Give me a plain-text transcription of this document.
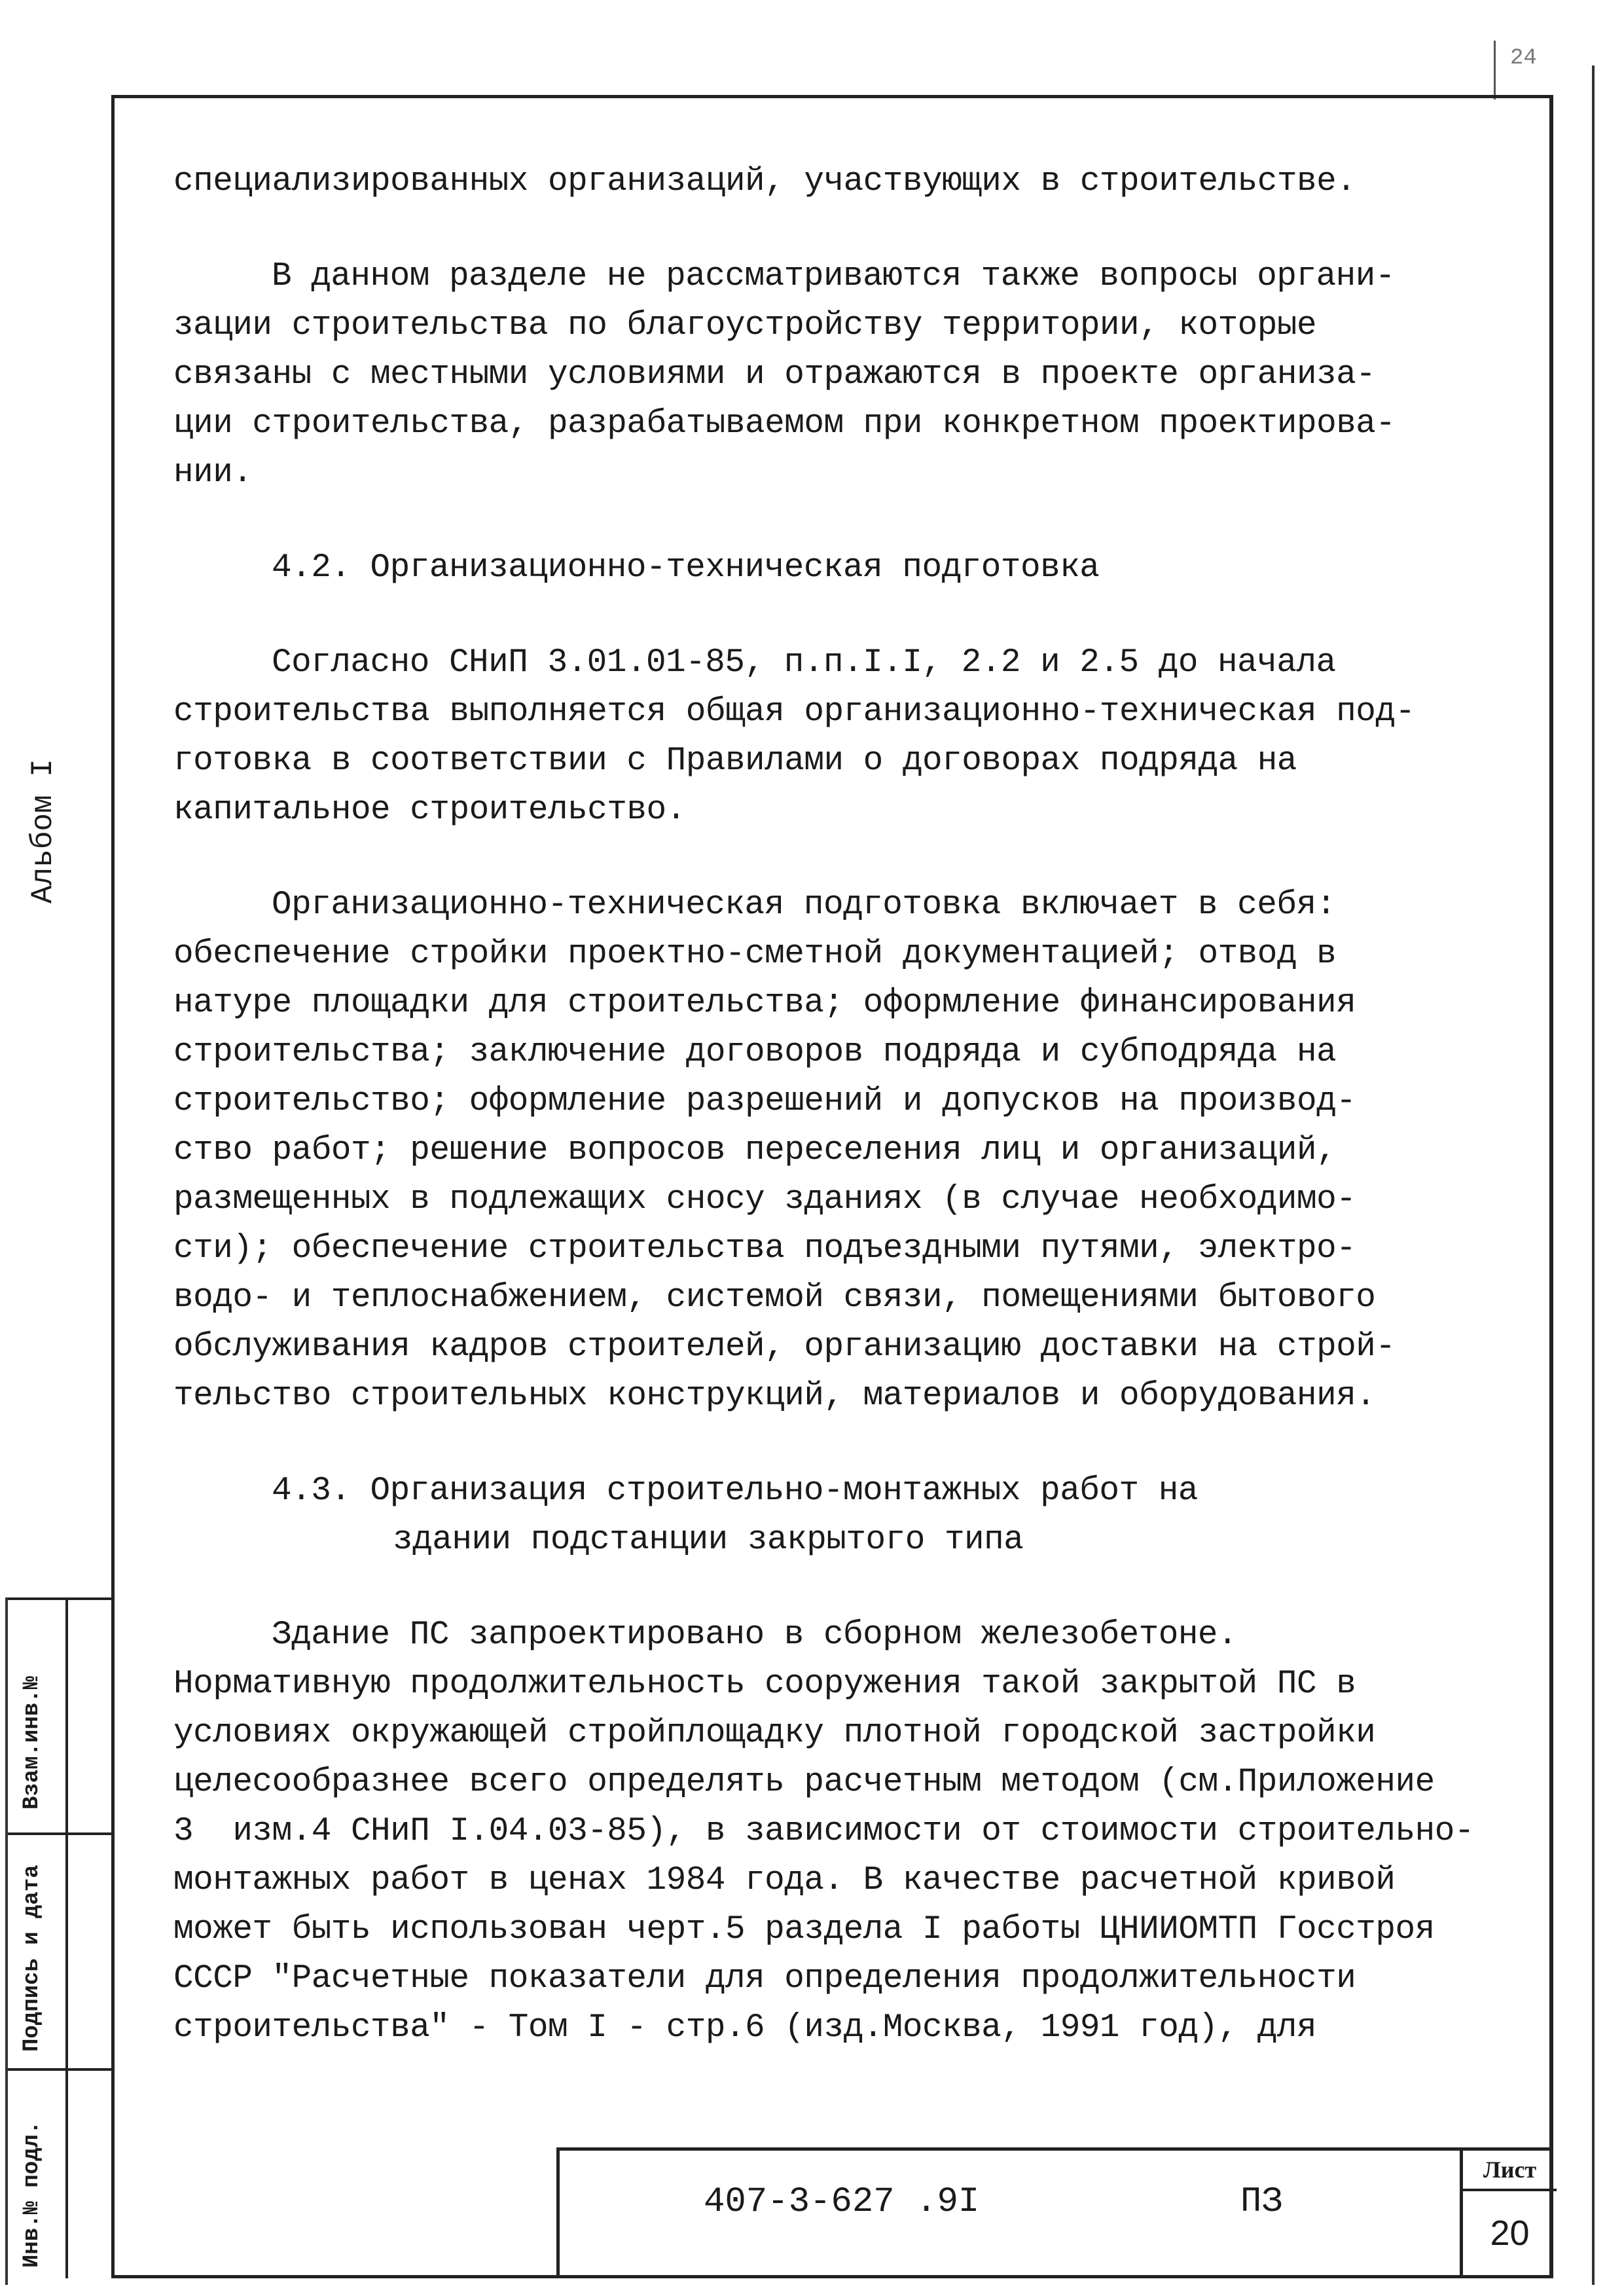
24
Альбом I
Взам.инв.№
Подпись и дата
Инв.№ подл.
специализированных организаций, участвующих в строительстве.
В данном разделе не рассматриваются также вопросы органи-
зации строительства по благоустройству территории, которые
связаны с местными условиями и отражаются в проекте организа-
ции строительства, разрабатываемом при конкретном проектирова-
нии.
4.2. Организационно-техническая подготовка
Согласно СНиП 3.01.01-85, п.п.I.I, 2.2 и 2.5 до начала
строительства выполняется общая организационно-техническая под-
готовка в соответствии с Правилами о договорах подряда на
капитальное строительство.
Организационно-техническая подготовка включает в себя:
обеспечение стройки проектно-сметной документацией; отвод в
натуре площадки для строительства; оформление финансирования
строительства; заключение договоров подряда и субподряда на
строительство; оформление разрешений и допусков на производ-
ство работ; решение вопросов переселения лиц и организаций,
размещенных в подлежащих сносу зданиях (в случае необходимо-
сти); обеспечение строительства подъездными путями, электро-
водо- и теплоснабжением, системой связи, помещениями бытового
обслуживания кадров строителей, организацию доставки на строй-
тельство строительных конструкций, материалов и оборудования.
4.3. Организация строительно-монтажных работ на
здании подстанции закрытого типа
Здание ПС запроектировано в сборном железобетоне.
Нормативную продолжительность сооружения такой закрытой ПС в
условиях окружающей стройплощадку плотной городской застройки
целесообразнее всего определять расчетным методом (см.Приложение
3  изм.4 СНиП I.04.03-85), в зависимости от стоимости строительно-
монтажных работ в ценах 1984 года. В качестве расчетной кривой
может быть использован черт.5 раздела I работы ЦНИИОМТП Госстроя
СССР "Расчетные показатели для определения продолжительности
строительства" - Том I - стр.6 (изд.Москва, 1991 год), для
407-3-627 .9I	ПЗ
Лист
20
